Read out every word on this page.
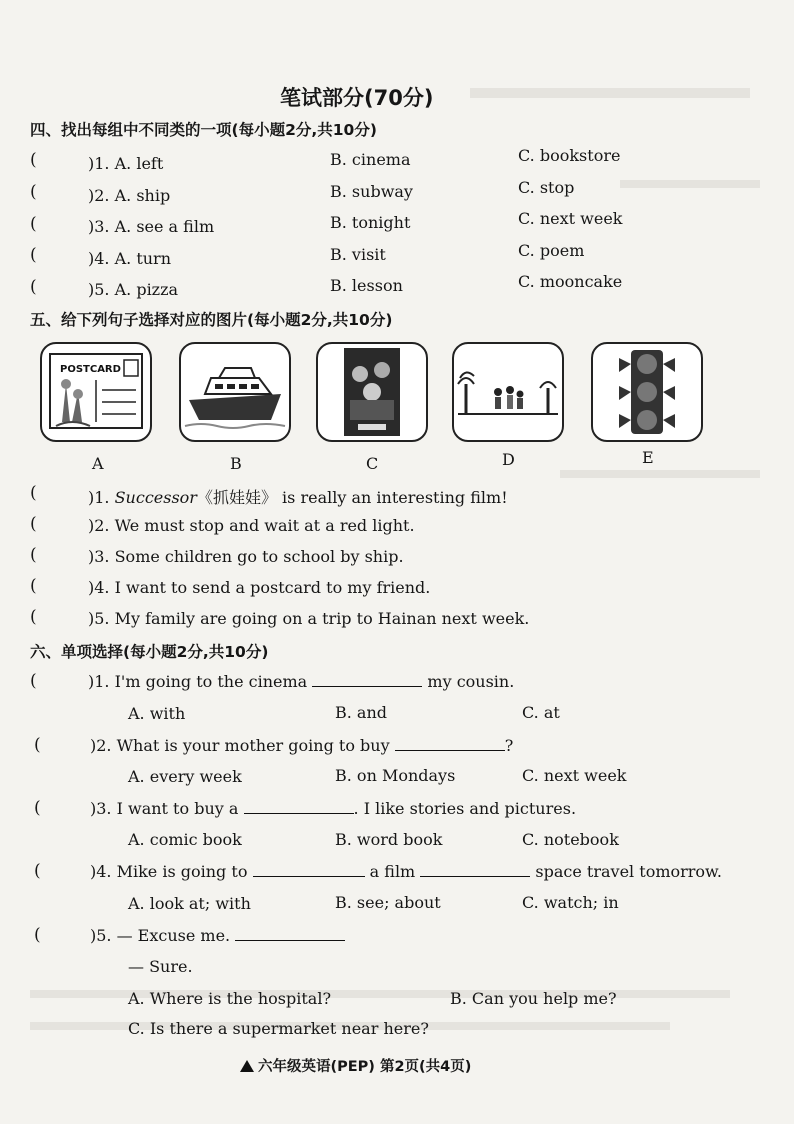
笔试部分(70分)
四、找出每组中不同类的一项(每小题2分,共10分)
(	)1. A. left	B. cinema	C. bookstore
(	)2. A. ship	B. subway	C. stop
(	)3. A. see a film	B. tonight	C. next week
(	)4. A. turn	B. visit	C. poem
(	)5. A. pizza	B. lesson	C. mooncake
五、给下列句子选择对应的图片(每小题2分,共10分)
POSTCARD
A	B	C	D	E
(	)1. Successor《抓娃娃》 is really an interesting film!
(	)2. We must stop and wait at a red light.
(	)3. Some children go to school by ship.
(	)4. I want to send a postcard to my friend.
(	)5. My family are going on a trip to Hainan next week.
六、单项选择(每小题2分,共10分)
(	)1. I'm going to the cinema	my cousin.
A. with	B. and	C. at
(	)2. What is your mother going to buy	?
A. every week	B. on Mondays	C. next week
(	)3. I want to buy a	. I like stories and pictures.
A. comic book	B. word book	C. notebook
(	)4. Mike is going to	a film	space travel tomorrow.
A. look at; with	B. see; about	C. watch; in
(	)5. — Excuse me.
— Sure.
A. Where is the hospital?	B. Can you help me?
C. Is there a supermarket near here?
六年级英语(PEP) 第2页(共4页)
